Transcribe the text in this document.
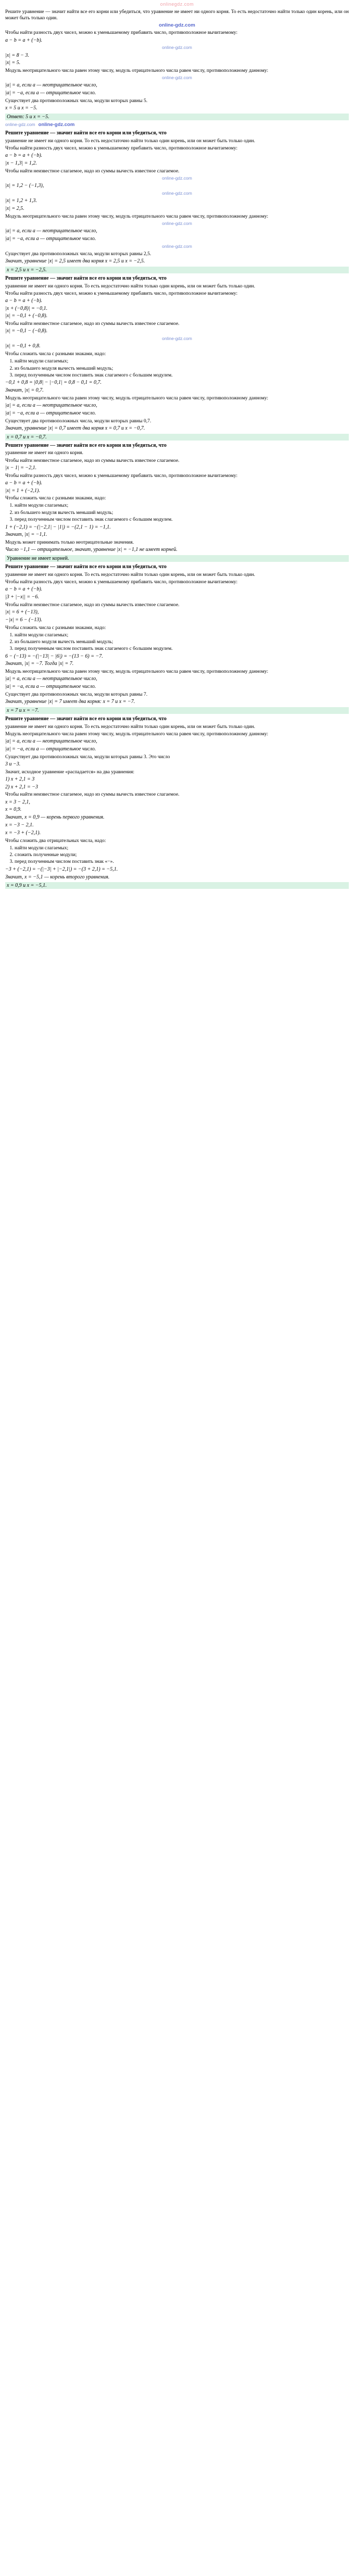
onlinegdz.com

Решите уравнение — значит найти все его корни или убедиться, что уравнение не имеет ни одного корня. То есть недостаточно найти только один корень, или он может быть только один.

online-gdz.com

Чтобы найти разность двух чисел, можно к уменьшаемому прибавить число, противоположное вычитаемому:

a − b = a + (−b).

online-gdz.com

|x| = 8 − 3.

|x| = 5.

Модуль неотрицательного числа равен этому числу, модуль отрицательного числа равен числу, противоположному данному:

online-gdz.com

|a| = a, если a — неотрицательное число,

|a| = −a, если a — отрицательное число.

Существует два противоположных числа, модули которых равны 5.

x = 5 и x = −5.

Ответ: 5 и x = −5.

online-gdz.com online-gdz.com

Решите уравнение — значит найти все его корни или убедиться, что

уравнение не имеет ни одного корня. То есть недостаточно найти только один корень, или он может быть только один.

Чтобы найти разность двух чисел, можно к уменьшаемому прибавить число, противоположное вычитаемому:

a − b = a + (−b).

|x − 1,3| = 1,2.

Чтобы найти неизвестное слагаемое, надо из суммы вычесть известное слагаемое.

online-gdz.com

|x| = 1,2 − (−1,3),

online-gdz.com

|x| = 1,2 + 1,3.

|x| = 2,5.

Модуль неотрицательного числа равен этому числу, модуль отрицательного числа равен числу, противоположному данному:

online-gdz.com

|a| = a, если a — неотрицательное число,

|a| = −a, если a — отрицательное число.

online-gdz.com

Существует два противоположных числа, модули которых равны 2,5.

Значит, уравнение |x| = 2,5 имеет два корня x = 2,5 и x = −2,5.

x = 2,5 и x = −2,5.

Решите уравнение — значит найти все его корни или убедиться, что

уравнение не имеет ни одного корня. То есть недостаточно найти только один корень, или он может быть только один.

Чтобы найти разность двух чисел, можно к уменьшаемому прибавить число, противоположное вычитаемому:

a − b = a + (−b).

|x + (−0,8)| = −0,1.

|x| = −0,1 + (−0,8).

Чтобы найти неизвестное слагаемое, надо из суммы вычесть известное слагаемое.

|x| = −0,1 − (−0,8).

online-gdz.com

|x| = −0,1 + 0,8.

Чтобы сложить числа с разными знаками, надо:

1. найти модули слагаемых;
2. из большего модуля вычесть меньший модуль;
3. перед полученным числом поставить знак слагаемого с большим модулем.

−0,1 + 0,8 = |0,8| − |−0,1| = 0,8 − 0,1 = 0,7.

Значит, |x| = 0,7.

Модуль неотрицательного числа равен этому числу, модуль отрицательного числа равен числу, противоположному данному:

|a| = a, если a — неотрицательное число,

|a| = −a, если a — отрицательное число.

Существует два противоположных числа, модули которых равны 0,7.

Значит, уравнение |x| = 0,7 имеет два корня x = 0,7 и x = −0,7.

x = 0,7 и x = −0,7.

Решите уравнение — значит найти все его корни или убедиться, что

уравнение не имеет ни одного корня.

Чтобы найти неизвестное слагаемое, надо из суммы вычесть известное слагаемое.

|x − 1| = −2,1.

Чтобы найти разность двух чисел, можно к уменьшаемому прибавить число, противоположное вычитаемому:

a − b = a + (−b).

|x| = 1 + (−2,1).

Чтобы сложить числа с разными знаками, надо:

1. найти модули слагаемых;
2. из большего модуля вычесть меньший модуль;
3. перед полученным числом поставить знак слагаемого с большим модулем.

1 + (−2,1) = −(|−2,1| − |1|) = −(2,1 − 1) = −1,1.

Значит, |x| = −1,1.

Модуль может принимать только неотрицательные значения.

Число −1,1 — отрицательное, значит, уравнение |x| = −1,1 не имеет корней.

Уравнение не имеет корней.

Решите уравнение — значит найти все его корни или убедиться, что

уравнение не имеет ни одного корня. То есть недостаточно найти только один корень, или он может быть только один.

Чтобы найти разность двух чисел, можно к уменьшаемому прибавить число, противоположное вычитаемому:

a − b = a + (−b).

|3 + |−x|| = −6.

Чтобы найти неизвестное слагаемое, надо из суммы вычесть известное слагаемое.

|x| = 6 + (−13),

−|x| = 6 − (−13).

Чтобы сложить числа с разными знаками, надо:

1. найти модули слагаемых;
2. из большего модуля вычесть меньший модуль;
3. перед полученным числом поставить знак слагаемого с большим модулем.

6 − (−13) = −(|−13| − |6|) = −(13 − 6) = −7.

Значит, |x| = −7. Тогда |x| = 7.

Модуль неотрицательного числа равен этому числу, модуль отрицательного числа равен числу, противоположному данному:

|a| = a, если a — неотрицательное число,

|a| = −a, если a — отрицательное число.

Существует два противоположных числа, модули которых равны 7.

Значит, уравнение |x| = 7 имеет два корня: x = 7 и x = −7.

x = 7 и x = −7.

Решите уравнение — значит найти все его корни или убедиться, что

уравнение не имеет ни одного корня. То есть недостаточно найти только один корень, или он может быть только один.

Модуль неотрицательного числа равен этому числу, модуль отрицательного числа равен числу, противоположному данному:

|a| = a, если a — неотрицательное число,

|a| = −a, если a — отрицательное число.

Существует два противоположных числа, модули которых равны 3. Это число

3 и −3.

Значит, исходное уравнение «распадается» на два уравнения:

1) x + 2,1 = 3

2) x + 2,1 = −3

Чтобы найти неизвестное слагаемое, надо из суммы вычесть известное слагаемое.

x = 3 − 2,1,

x = 0,9.

Значит, x = 0,9 — корень первого уравнения.

x = −3 − 2,1.

x = −3 + (−2,1).

Чтобы сложить два отрицательных числа, надо:

1. найти модули слагаемых;
2. сложить полученные модули;
3. перед полученным числом поставить знак «−».

−3 + (−2,1) = −(|−3| + |−2,1|) = −(3 + 2,1) = −5,1.

Значит, x = −5,1 — корень второго уравнения.

x = 0,9 и x = −5,1.
